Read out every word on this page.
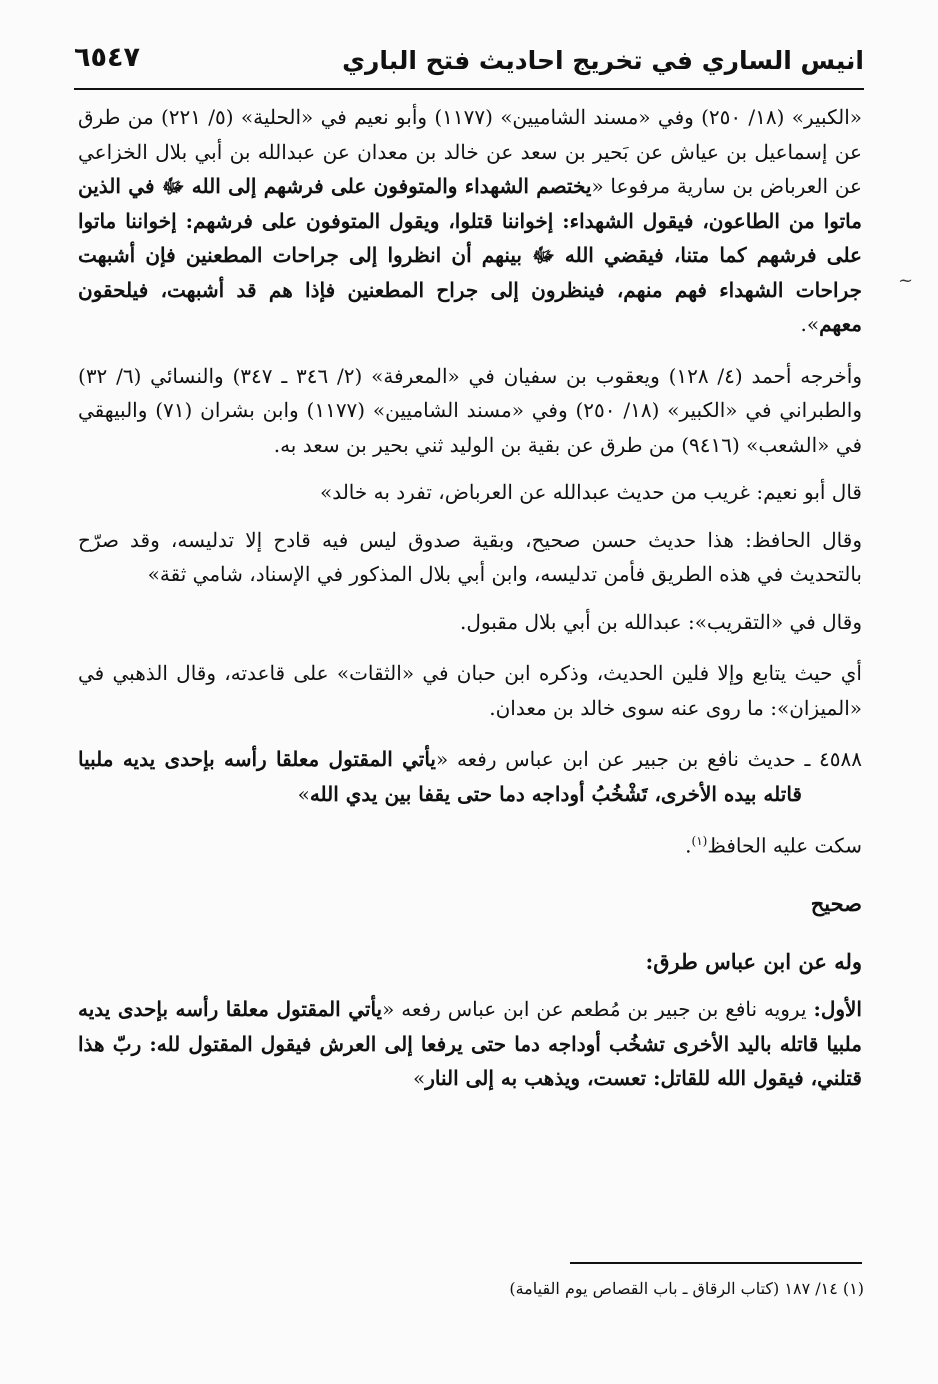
انيس الساري في تخريج احاديث فتح الباري
٦٥٤٧
~

«الكبير» (١٨/ ٢٥٠) وفي «مسند الشاميين» (١١٧٧) وأبو نعيم في «الحلية» (٥/ ٢٢١) من طرق عن إسماعيل بن عياش عن بَحير بن سعد عن خالد بن معدان عن عبدالله بن أبي بلال الخزاعي عن العرباض بن سارية مرفوعا «يختصم الشهداء والمتوفون على فرشهم إلى الله ﷻ في الذين ماتوا من الطاعون، فيقول الشهداء: إخواننا قتلوا، ويقول المتوفون على فرشهم: إخواننا ماتوا على فرشهم كما متنا، فيقضي الله ﷻ بينهم أن انظروا إلى جراحات المطعنين فإن أشبهت جراحات الشهداء فهم منهم، فينظرون إلى جراح المطعنين فإذا هم قد أشبهت، فيلحقون معهم».

وأخرجه أحمد (٤/ ١٢٨) ويعقوب بن سفيان في «المعرفة» (٢/ ٣٤٦ ـ ٣٤٧) والنسائي (٦/ ٣٢) والطبراني في «الكبير» (١٨/ ٢٥٠) وفي «مسند الشاميين» (١١٧٧) وابن بشران (٧١) والبيهقي في «الشعب» (٩٤١٦) من طرق عن بقية بن الوليد ثني بحير بن سعد به.

قال أبو نعيم: غريب من حديث عبدالله عن العرباض، تفرد به خالد»

وقال الحافظ: هذا حديث حسن صحيح، وبقية صدوق ليس فيه قادح إلا تدليسه، وقد صرّح بالتحديث في هذه الطريق فأمن تدليسه، وابن أبي بلال المذكور في الإسناد، شامي ثقة»

وقال في «التقريب»: عبدالله بن أبي بلال مقبول.

أي حيث يتابع وإلا فلين الحديث، وذكره ابن حبان في «الثقات» على قاعدته، وقال الذهبي في «الميزان»: ما روى عنه سوى خالد بن معدان.

٤٥٨٨ ـ حديث نافع بن جبير عن ابن عباس رفعه «يأتي المقتول معلقا رأسه بإحدى يديه ملبيا قاتله بيده الأخرى، تَشْخُبُ أوداجه دما حتى يقفا بين يدي الله»

سكت عليه الحافظ$^{(١)}$.

صحيح

وله عن ابن عباس طرق:

الأول: يرويه نافع بن جبير بن مُطعم عن ابن عباس رفعه «يأتي المقتول معلقا رأسه بإحدى يديه ملبيا قاتله باليد الأخرى تشخُب أوداجه دما حتى يرفعا إلى العرش فيقول المقتول لله: ربّ هذا قتلني، فيقول الله للقاتل: تعست، ويذهب به إلى النار»

(١) ١٤/ ١٨٧ (كتاب الرقاق ـ باب القصاص يوم القيامة)
